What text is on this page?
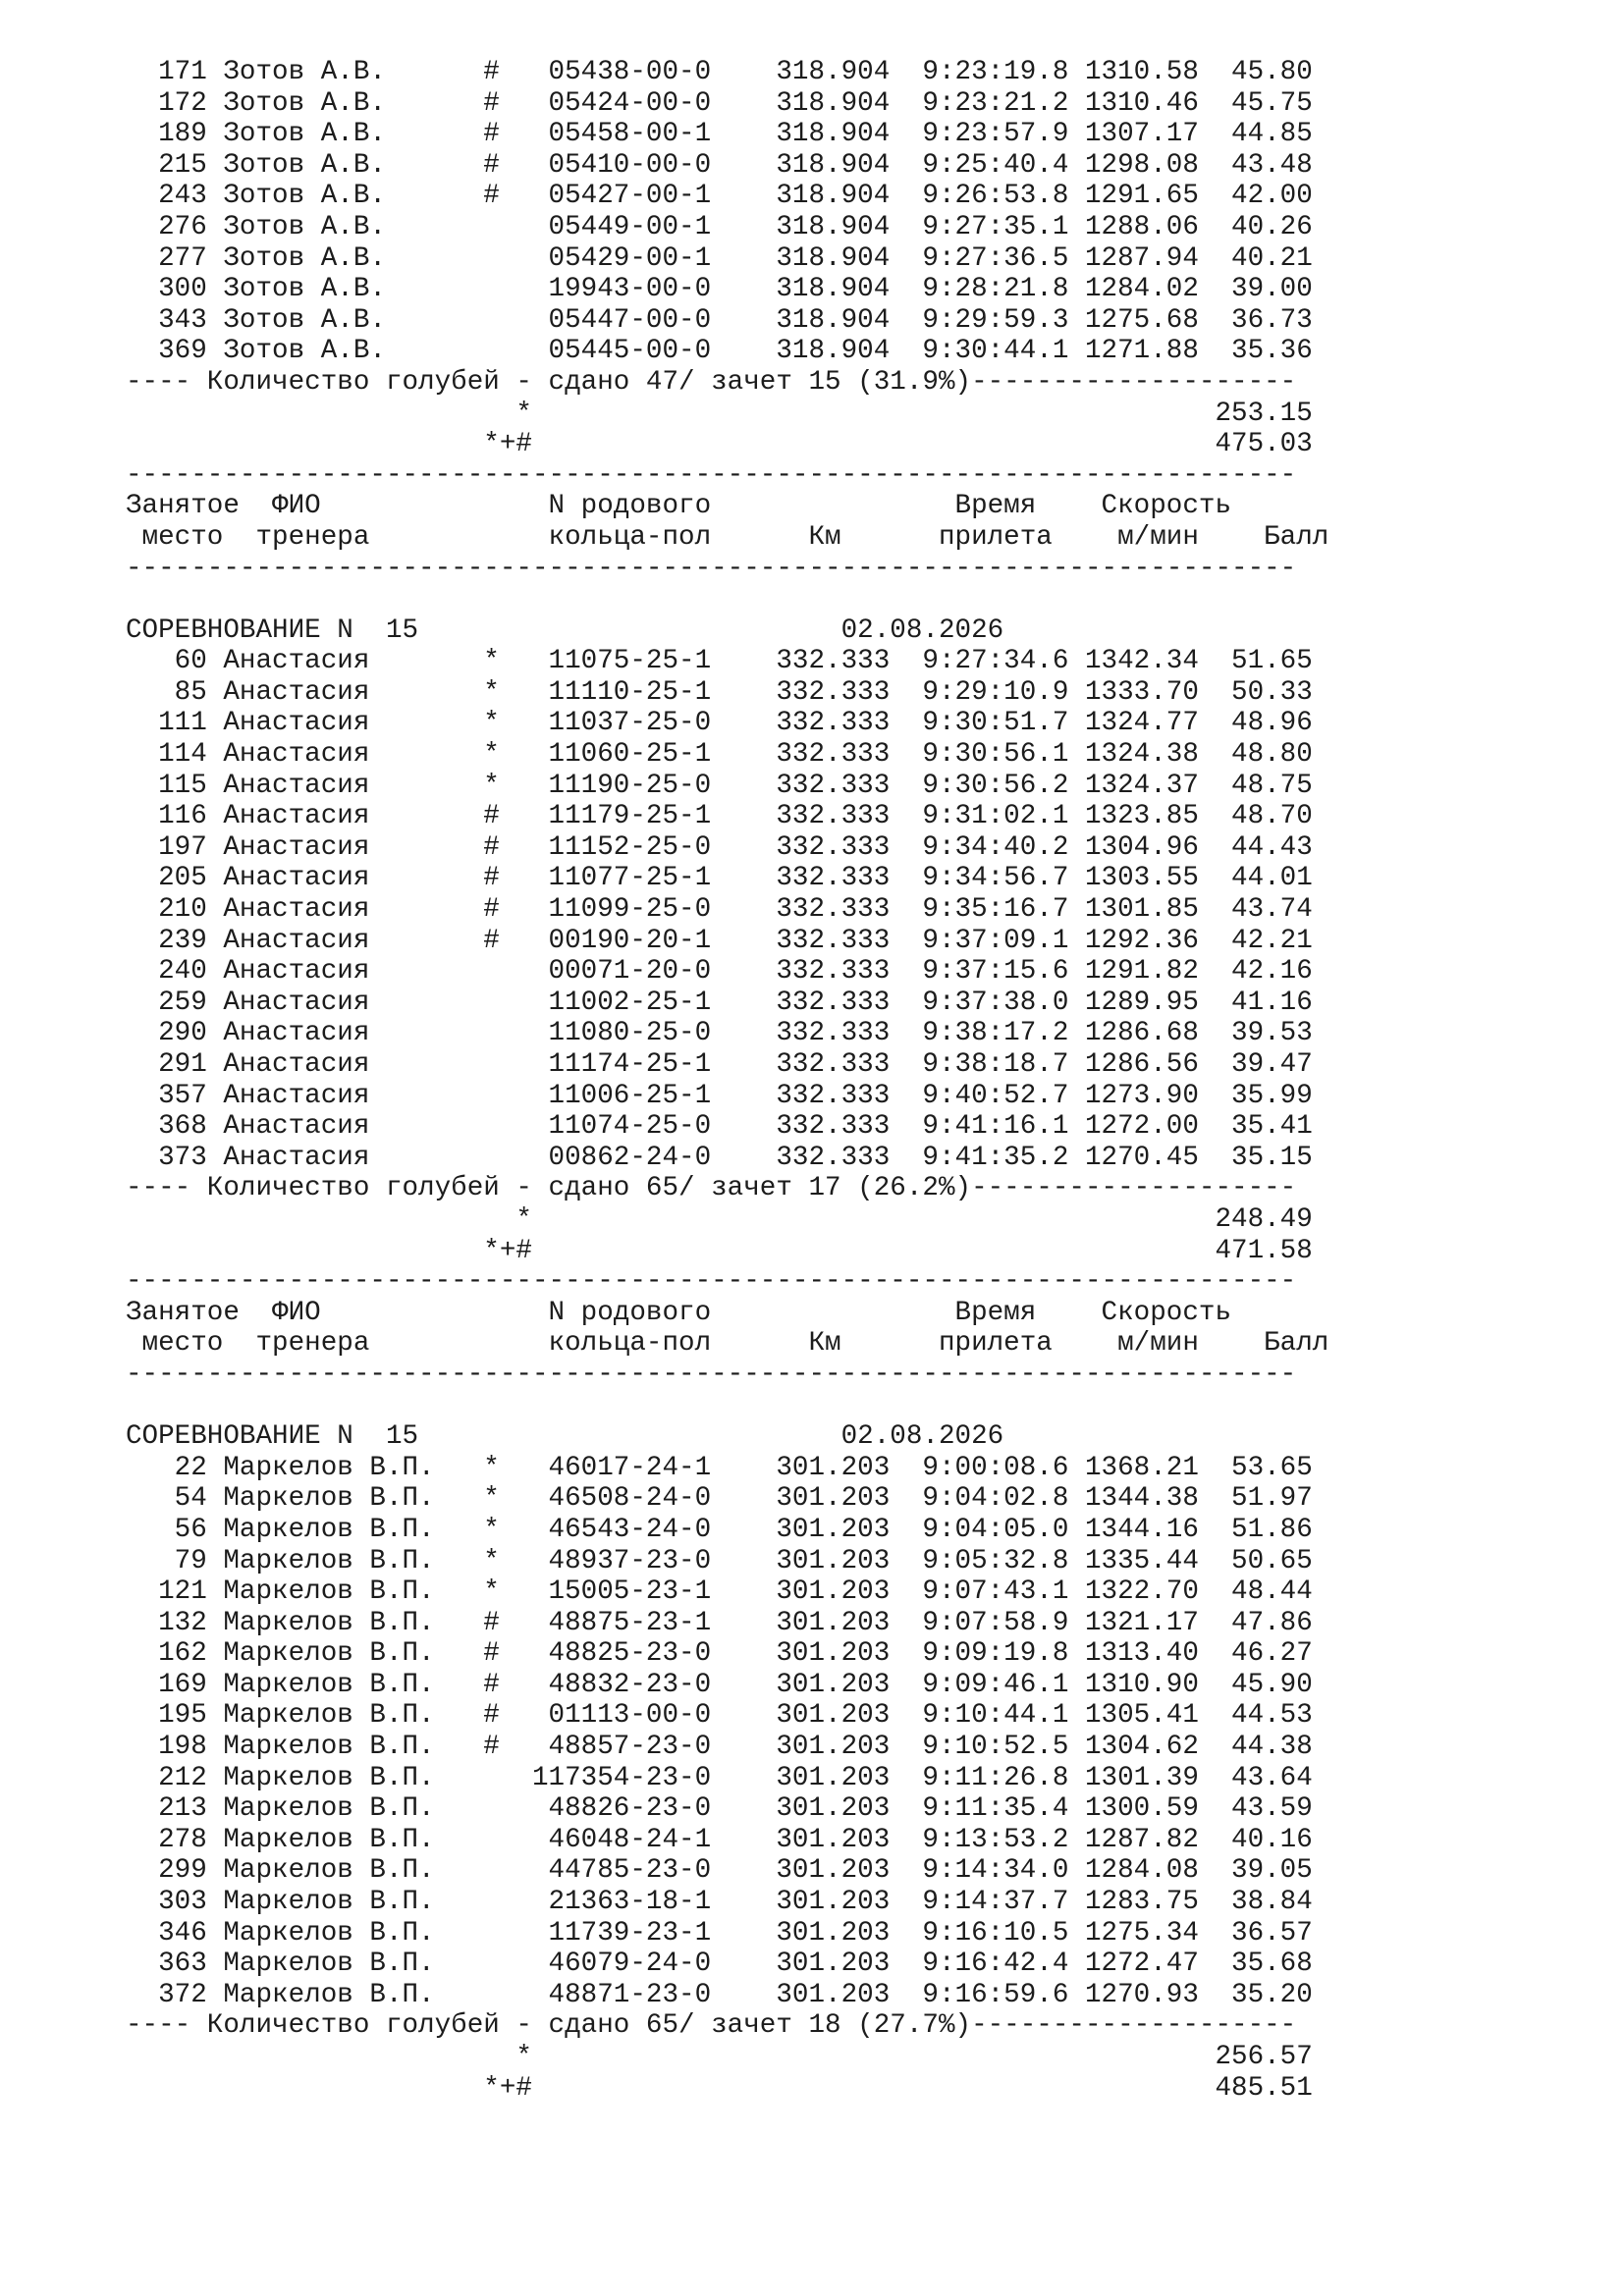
171 Зотов А.В.      #   05438-00-0    318.904  9:23:19.8 1310.58  45.80
172 Зотов А.В.      #   05424-00-0    318.904  9:23:21.2 1310.46  45.75
189 Зотов А.В.      #   05458-00-1    318.904  9:23:57.9 1307.17  44.85
215 Зотов А.В.      #   05410-00-0    318.904  9:25:40.4 1298.08  43.48
243 Зотов А.В.      #   05427-00-1    318.904  9:26:53.8 1291.65  42.00
276 Зотов А.В.          05449-00-1    318.904  9:27:35.1 1288.06  40.26
277 Зотов А.В.          05429-00-1    318.904  9:27:36.5 1287.94  40.21
300 Зотов А.В.          19943-00-0    318.904  9:28:21.8 1284.02  39.00
343 Зотов А.В.          05447-00-0    318.904  9:29:59.3 1275.68  36.73
369 Зотов А.В.          05445-00-0    318.904  9:30:44.1 1271.88  35.36
---- Количество голубей - сдано 47/ зачет 15 (31.9%)--------------------
*                                          253.15
*+#                                          475.03
------------------------------------------------------------------------
Занятое  ФИО              N родового               Время    Скорость
место  тренера           кольца-пол      Км      прилета    м/мин    Балл
------------------------------------------------------------------------

СОРЕВНОВАНИЕ N  15                          02.08.2026
60 Анастасия       *   11075-25-1    332.333  9:27:34.6 1342.34  51.65
85 Анастасия       *   11110-25-1    332.333  9:29:10.9 1333.70  50.33
111 Анастасия       *   11037-25-0    332.333  9:30:51.7 1324.77  48.96
114 Анастасия       *   11060-25-1    332.333  9:30:56.1 1324.38  48.80
115 Анастасия       *   11190-25-0    332.333  9:30:56.2 1324.37  48.75
116 Анастасия       #   11179-25-1    332.333  9:31:02.1 1323.85  48.70
197 Анастасия       #   11152-25-0    332.333  9:34:40.2 1304.96  44.43
205 Анастасия       #   11077-25-1    332.333  9:34:56.7 1303.55  44.01
210 Анастасия       #   11099-25-0    332.333  9:35:16.7 1301.85  43.74
239 Анастасия       #   00190-20-1    332.333  9:37:09.1 1292.36  42.21
240 Анастасия           00071-20-0    332.333  9:37:15.6 1291.82  42.16
259 Анастасия           11002-25-1    332.333  9:37:38.0 1289.95  41.16
290 Анастасия           11080-25-0    332.333  9:38:17.2 1286.68  39.53
291 Анастасия           11174-25-1    332.333  9:38:18.7 1286.56  39.47
357 Анастасия           11006-25-1    332.333  9:40:52.7 1273.90  35.99
368 Анастасия           11074-25-0    332.333  9:41:16.1 1272.00  35.41
373 Анастасия           00862-24-0    332.333  9:41:35.2 1270.45  35.15
---- Количество голубей - сдано 65/ зачет 17 (26.2%)--------------------
*                                          248.49
*+#                                          471.58
------------------------------------------------------------------------
Занятое  ФИО              N родового               Время    Скорость
место  тренера           кольца-пол      Км      прилета    м/мин    Балл
------------------------------------------------------------------------

СОРЕВНОВАНИЕ N  15                          02.08.2026
22 Маркелов В.П.   *   46017-24-1    301.203  9:00:08.6 1368.21  53.65
54 Маркелов В.П.   *   46508-24-0    301.203  9:04:02.8 1344.38  51.97
56 Маркелов В.П.   *   46543-24-0    301.203  9:04:05.0 1344.16  51.86
79 Маркелов В.П.   *   48937-23-0    301.203  9:05:32.8 1335.44  50.65
121 Маркелов В.П.   *   15005-23-1    301.203  9:07:43.1 1322.70  48.44
132 Маркелов В.П.   #   48875-23-1    301.203  9:07:58.9 1321.17  47.86
162 Маркелов В.П.   #   48825-23-0    301.203  9:09:19.8 1313.40  46.27
169 Маркелов В.П.   #   48832-23-0    301.203  9:09:46.1 1310.90  45.90
195 Маркелов В.П.   #   01113-00-0    301.203  9:10:44.1 1305.41  44.53
198 Маркелов В.П.   #   48857-23-0    301.203  9:10:52.5 1304.62  44.38
212 Маркелов В.П.      117354-23-0    301.203  9:11:26.8 1301.39  43.64
213 Маркелов В.П.       48826-23-0    301.203  9:11:35.4 1300.59  43.59
278 Маркелов В.П.       46048-24-1    301.203  9:13:53.2 1287.82  40.16
299 Маркелов В.П.       44785-23-0    301.203  9:14:34.0 1284.08  39.05
303 Маркелов В.П.       21363-18-1    301.203  9:14:37.7 1283.75  38.84
346 Маркелов В.П.       11739-23-1    301.203  9:16:10.5 1275.34  36.57
363 Маркелов В.П.       46079-24-0    301.203  9:16:42.4 1272.47  35.68
372 Маркелов В.П.       48871-23-0    301.203  9:16:59.6 1270.93  35.20
---- Количество голубей - сдано 65/ зачет 18 (27.7%)--------------------
*                                          256.57
*+#                                          485.51
